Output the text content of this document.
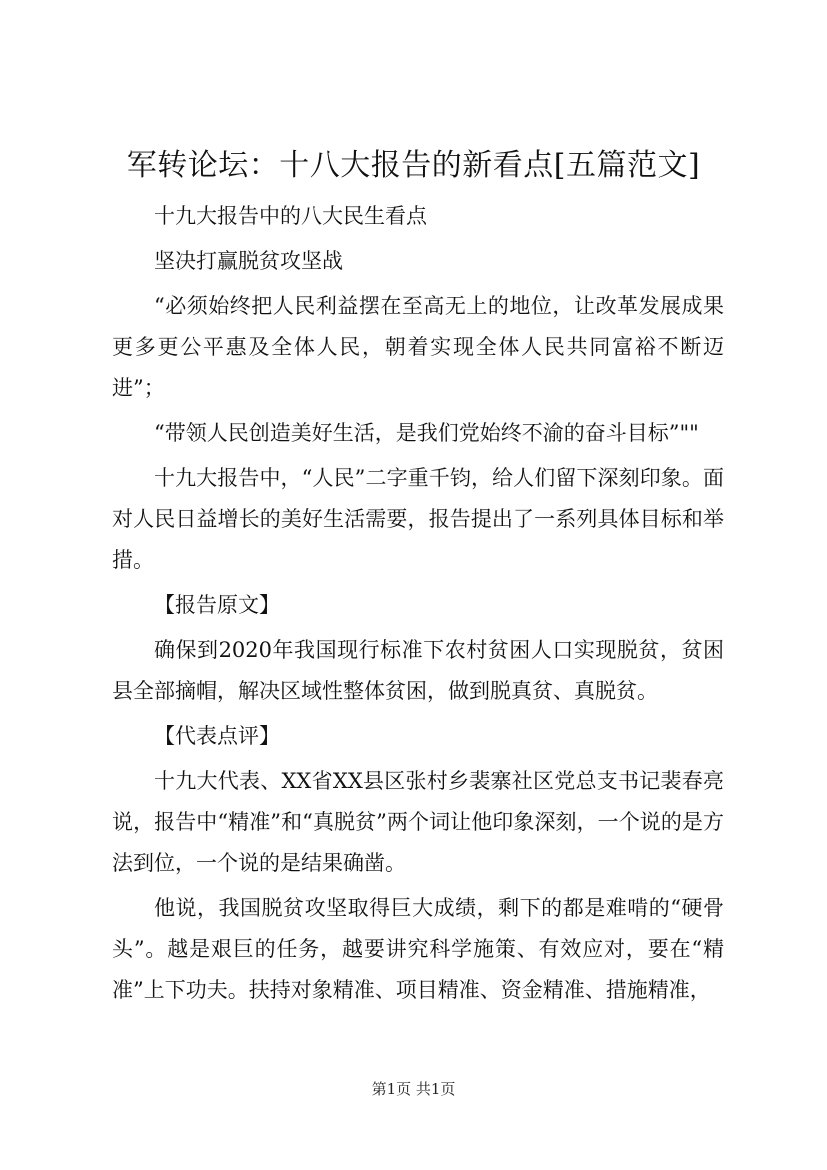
军转论坛：十八大报告的新看点[五篇范文]

十九大报告中的八大民生看点

坚决打赢脱贫攻坚战

“必须始终把人民利益摆在至高无上的地位，让改革发展成果更多更公平惠及全体人民，朝着实现全体人民共同富裕不断迈进”；

“带领人民创造美好生活，是我们党始终不渝的奋斗目标”""

十九大报告中，“人民”二字重千钧，给人们留下深刻印象。面对人民日益增长的美好生活需要，报告提出了一系列具体目标和举措。

【报告原文】

确保到2020年我国现行标准下农村贫困人口实现脱贫，贫困县全部摘帽，解决区域性整体贫困，做到脱真贫、真脱贫。

【代表点评】

十九大代表、XX省XX县区张村乡裴寨社区党总支书记裴春亮说，报告中“精准”和“真脱贫”两个词让他印象深刻，一个说的是方法到位，一个说的是结果确凿。

他说，我国脱贫攻坚取得巨大成绩，剩下的都是难啃的“硬骨头”。越是艰巨的任务，越要讲究科学施策、有效应对，要在“精准”上下功夫。扶持对象精准、项目精准、资金精准、措施精准，

第1页 共1页
